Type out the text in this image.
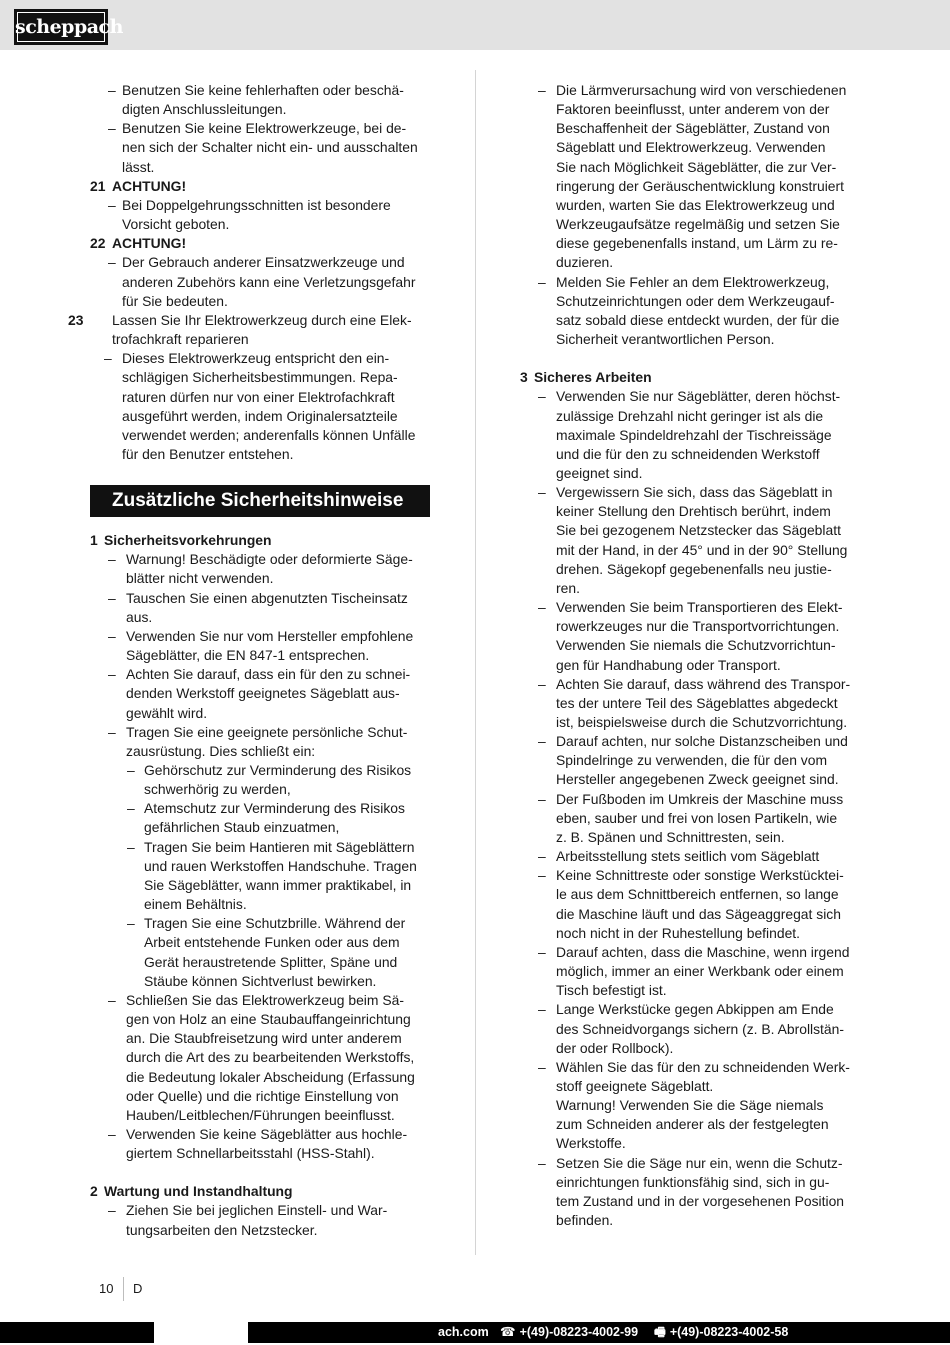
scheppach
– Benutzen Sie keine fehlerhaften oder beschä-
digten Anschlussleitungen.
– Benutzen Sie keine Elektrowerkzeuge, bei de-
nen sich der Schalter nicht ein- und ausschalten
lässt.
21 ACHTUNG!
– Bei Doppelgehrungsschnitten ist besondere
Vorsicht geboten.
22 ACHTUNG!
– Der Gebrauch anderer Einsatzwerkzeuge und
anderen Zubehörs kann eine Verletzungsgefahr
für Sie bedeuten.
23 Lassen Sie Ihr Elektrowerkzeug durch eine Elek-
trofachkraft reparieren
– Dieses Elektrowerkzeug entspricht den ein-
schlägigen Sicherheitsbestimmungen. Repa-
raturen dürfen nur von einer Elektrofachkraft
ausgeführt werden, indem Originalersatzteile
verwendet werden; anderenfalls können Unfälle
für den Benutzer entstehen.
Zusätzliche Sicherheitshinweise
1 Sicherheitsvorkehrungen
– Warnung! Beschädigte oder deformierte Säge-
blätter nicht verwenden.
– Tauschen Sie einen abgenutzten Tischeinsatz
aus.
– Verwenden Sie nur vom Hersteller empfohlene
Sägeblätter, die EN 847-1 entsprechen.
– Achten Sie darauf, dass ein für den zu schnei-
denden Werkstoff geeignetes Sägeblatt aus-
gewählt wird.
– Tragen Sie eine geeignete persönliche Schut-
zausrüstung. Dies schließt ein:
– Gehörschutz zur Verminderung des Risikos
schwerhörig zu werden,
– Atemschutz zur Verminderung des Risikos
gefährlichen Staub einzuatmen,
– Tragen Sie beim Hantieren mit Sägeblättern
und rauen Werkstoffen Handschuhe. Tragen
Sie Sägeblätter, wann immer praktikabel, in
einem Behältnis.
– Tragen Sie eine Schutzbrille. Während der
Arbeit entstehende Funken oder aus dem
Gerät heraustretende Splitter, Späne und
Stäube können Sichtverlust bewirken.
– Schließen Sie das Elektrowerkzeug beim Sä-
gen von Holz an eine Staubauffangeinrichtung
an. Die Staubfreisetzung wird unter anderem
durch die Art des zu bearbeitenden Werkstoffs,
die Bedeutung lokaler Abscheidung (Erfassung
oder Quelle) und die richtige Einstellung von
Hauben/Leitblechen/Führungen beeinflusst.
– Verwenden Sie keine Sägeblätter aus hochle-
giertem Schnellarbeitsstahl (HSS-Stahl).
2 Wartung und Instandhaltung
– Ziehen Sie bei jeglichen Einstell- und War-
tungsarbeiten den Netzstecker.
– Die Lärmverursachung wird von verschiedenen
Faktoren beeinflusst, unter anderem von der
Beschaffenheit der Sägeblätter, Zustand von
Sägeblatt und Elektrowerkzeug. Verwenden
Sie nach Möglichkeit Sägeblätter, die zur Ver-
ringerung der Geräuschentwicklung konstruiert
wurden, warten Sie das Elektrowerkzeug und
Werkzeugaufsätze regelmäßig und setzen Sie
diese gegebenenfalls instand, um Lärm zu re-
duzieren.
– Melden Sie Fehler an dem Elektrowerkzeug,
Schutzeinrichtungen oder dem Werkzeugauf-
satz sobald diese entdeckt wurden, der für die
Sicherheit verantwortlichen Person.
3 Sicheres Arbeiten
– Verwenden Sie nur Sägeblätter, deren höchst-
zulässige Drehzahl nicht geringer ist als die
maximale Spindeldrehzahl der Tischreissäge
und die für den zu schneidenden Werkstoff
geeignet sind.
– Vergewissern Sie sich, dass das Sägeblatt in
keiner Stellung den Drehtisch berührt, indem
Sie bei gezogenem Netzstecker das Sägeblatt
mit der Hand, in der 45° und in der 90° Stellung
drehen. Sägekopf gegebenenfalls neu justie-
ren.
– Verwenden Sie beim Transportieren des Elekt-
rowerkzeuges nur die Transportvorrichtungen.
Verwenden Sie niemals die Schutzvorrichtun-
gen für Handhabung oder Transport.
– Achten Sie darauf, dass während des Transpor-
tes der untere Teil des Sägeblattes abgedeckt
ist, beispielsweise durch die Schutzvorrichtung.
– Darauf achten, nur solche Distanzscheiben und
Spindelringe zu verwenden, die für den vom
Hersteller angegebenen Zweck geeignet sind.
– Der Fußboden im Umkreis der Maschine muss
eben, sauber und frei von losen Partikeln, wie
z. B. Spänen und Schnittresten, sein.
– Arbeitsstellung stets seitlich vom Sägeblatt
– Keine Schnittreste oder sonstige Werkstücktei-
le aus dem Schnittbereich entfernen, so lange
die Maschine läuft und das Sägeaggregat sich
noch nicht in der Ruhestellung befindet.
– Darauf achten, dass die Maschine, wenn irgend
möglich, immer an einer Werkbank oder einem
Tisch befestigt ist.
– Lange Werkstücke gegen Abkippen am Ende
des Schneidvorgangs sichern (z. B. Abrollstän-
der oder Rollbock).
– Wählen Sie das für den zu schneidenden Werk-
stoff geeignete Sägeblatt.
Warnung! Verwenden Sie die Säge niemals
zum Schneiden anderer als der festgelegten
Werkstoffe.
– Setzen Sie die Säge nur ein, wenn die Schutz-
einrichtungen funktionsfähig sind, sich in gu-
tem Zustand und in der vorgesehenen Position
befinden.
10 D
ach.com ☎ +(49)-08223-4002-99 🖷 +(49)-08223-4002-58
